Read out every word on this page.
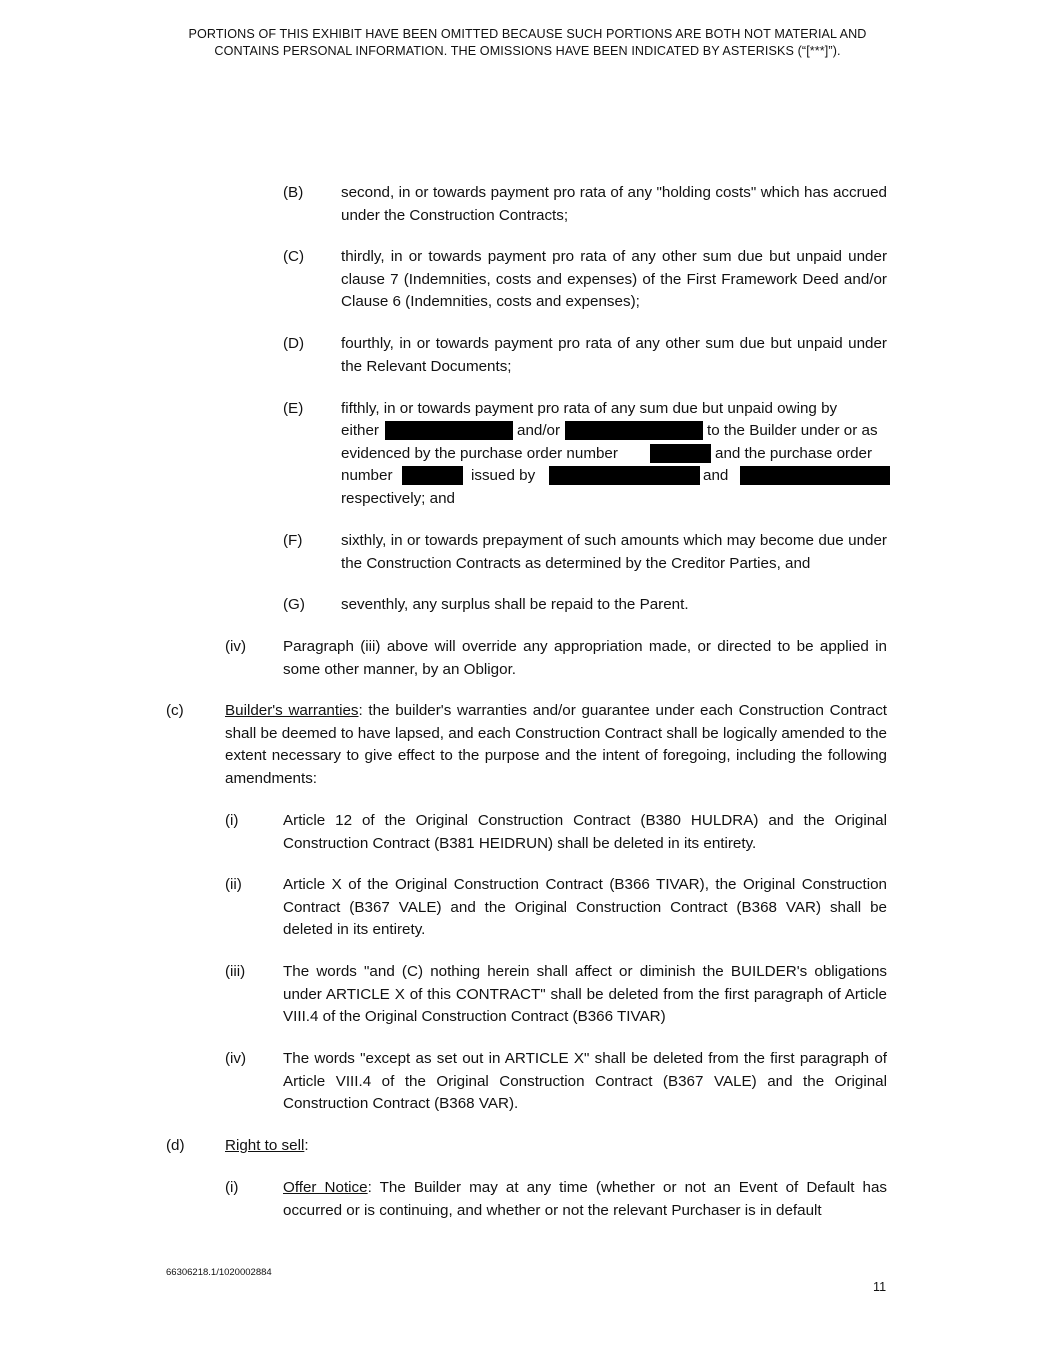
PORTIONS OF THIS EXHIBIT HAVE BEEN OMITTED BECAUSE SUCH PORTIONS ARE BOTH NOT MATERIAL AND
CONTAINS PERSONAL INFORMATION. THE OMISSIONS HAVE BEEN INDICATED BY ASTERISKS (“[***]”).
(B) second, in or towards payment pro rata of any "holding costs" which has accrued under the Construction Contracts;
(C) thirdly, in or towards payment pro rata of any other sum due but unpaid under clause 7 (Indemnities, costs and expenses) of the First Framework Deed and/or Clause 6 (Indemnities, costs and expenses);
(D) fourthly, in or towards payment pro rata of any other sum due but unpaid under the Relevant Documents;
(E) fifthly, in or towards payment pro rata of any sum due but unpaid owing by
either	and/or	to the Builder under or as
evidenced by the purchase order number	and the purchase order
number	issued by	and
respectively; and
(F)	sixthly, in or towards prepayment of such amounts which may become due under the Construction Contracts as determined by the Creditor Parties, and
(G) seventhly, any surplus shall be repaid to the Parent.
(iv) Paragraph (iii) above will override any appropriation made, or directed to be applied in some other manner, by an Obligor.
(c)	Builder's warranties: the builder's warranties and/or guarantee under each Construction Contract shall be deemed to have lapsed, and each Construction Contract shall be logically amended to the extent necessary to give effect to the purpose and the intent of foregoing, including the following amendments:
(i)	Article 12 of the Original Construction Contract (B380 HULDRA) and the Original Construction Contract (B381 HEIDRUN) shall be deleted in its entirety.
(ii)	Article X of the Original Construction Contract (B366 TIVAR), the Original Construction Contract (B367 VALE) and the Original Construction Contract (B368 VAR) shall be deleted in its entirety.
(iii) The words "and (C) nothing herein shall affect or diminish the BUILDER's obligations under ARTICLE X of this CONTRACT" shall be deleted from the first paragraph of Article VIII.4 of the Original Construction Contract (B366 TIVAR)
(iv) The words "except as set out in ARTICLE X" shall be deleted from the first paragraph of Article VIII.4 of the Original Construction Contract (B367 VALE) and the Original Construction Contract (B368 VAR).
(d)	Right to sell:
(i)	Offer Notice: The Builder may at any time (whether or not an Event of Default has occurred or is continuing, and whether or not the relevant Purchaser is in default
66306218.1/1020002884
11
